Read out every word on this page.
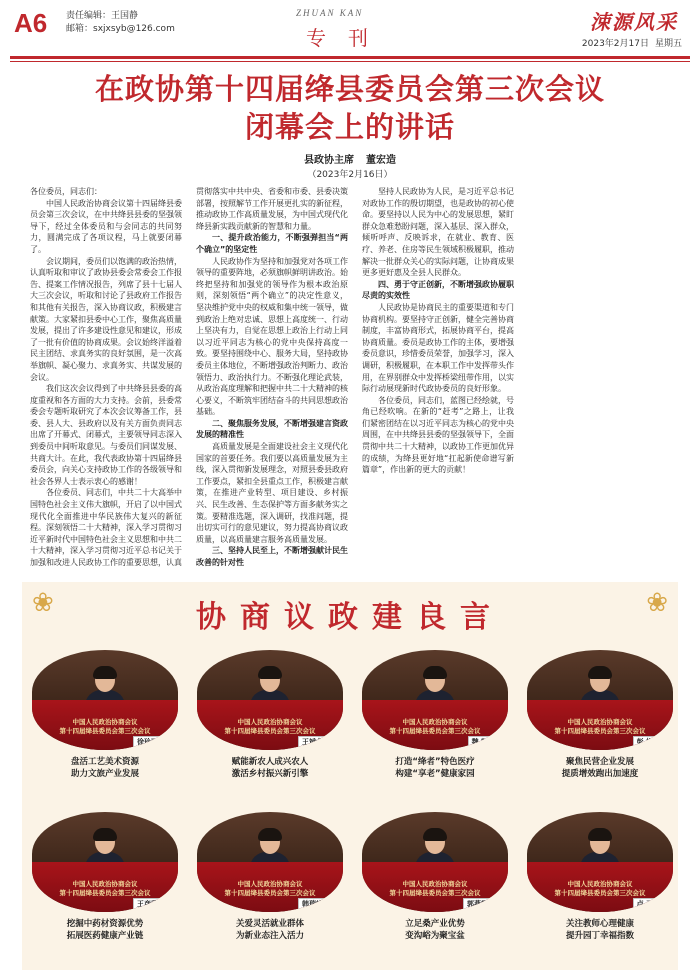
A6 责任编辑：王国静
邮箱：sxjxsyb@126.com
ZHUAN KAN
专刊
涑源风采
2023年2月17日 星期五
在政协第十四届绛县委员会第三次会议
闭幕会上的讲话
县政协主席 董宏造
（2023年2月16日）

各位委员，同志们：

中国人民政治协商会议第十四届绛县委员会第三次会议，在中共绛县县委的坚强领导下，经过全体委员和与会同志的共同努力，圆满完成了各项议程，马上就要闭幕了。

会议期间，委员们以饱满的政治热情，认真听取和审议了政协县委会常委会工作报告、提案工作情况报告，列席了县十七届人大三次会议，听取和讨论了县政府工作报告和其他有关报告，深入协商议政，积极建言献策。大家紧扣县委中心工作，聚焦高质量发展，提出了许多建设性意见和建议，形成了一批有价值的协商成果。会议始终洋溢着民主团结、求真务实的良好氛围，是一次高举旗帜、凝心聚力、求真务实、共谋发展的会议。

我们这次会议得到了中共绛县县委的高度重视和各方面的大力支持。会前，县委常委会专题听取研究了本次会议筹备工作，县委、县人大、县政府以及有关方面负责同志出席了开幕式、闭幕式，主要领导同志深入到委员中间听取意见。与委员们同谋发展、共商大计。在此，我代表政协第十四届绛县委员会，向关心支持政协工作的各级领导和社会各界人士表示衷心的感谢！

各位委员、同志们，中共二十大高举中国特色社会主义伟大旗帜，开启了以中国式现代化全面推进中华民族伟大复兴的新征程。深刻领悟二十大精神，深入学习贯彻习近平新时代中国特色社会主义思想和中共二十大精神，深入学习贯彻习近平总书记关于加强和改进人民政协工作的重要思想，认真贯彻落实中共中央、省委和市委、县委决策部署，按照解节工作开展更扎实的新征程，推动政协工作高质量发展，为中国式现代化绛县新实践贡献新的智慧和力量。

一、提升政治能力，不断强弹担当“两个确立”的坚定性

人民政协作为坚持和加强党对各项工作领导的重要阵地，必须旗帜鲜明讲政治。始终把坚持和加强党的领导作为根本政治原则，深刻领悟“两个确立”的决定性意义，坚决维护党中央的权威和集中统一领导，做到政治上绝对忠诚、思想上高度统一、行动上坚决有力，自觉在思想上政治上行动上同以习近平同志为核心的党中央保持高度一致。要坚持围绕中心、服务大局，坚持政协委员主体地位，不断增强政治判断力、政治领悟力、政治执行力。不断强化理论武装，从政治高度理解和把握中共二十大精神的核心要义，不断筑牢团结奋斗的共同思想政治基础。

二、聚焦服务发展，不断增强建言资政发展的精准性

高质量发展是全面建设社会主义现代化国家的首要任务。我们要以高质量发展为主线，深入贯彻新发展理念，对照县委县政府工作要点，紧扣全县重点工作，积极建言献策，在推进产业转型、项目建设、乡村振兴、民生改善、生态保护等方面多献务实之策。要精准选题，深入调研，找准问题，提出切实可行的意见建议，努力提高协商议政质量，以高质量建言服务高质量发展。

三、坚持人民至上，不断增强献计民生改善的针对性

坚持人民政协为人民，是习近平总书记对政协工作的殷切期望，也是政协的初心使命。要坚持以人民为中心的发展思想，紧盯群众急难愁盼问题，深入基层、深入群众，倾听呼声、反映诉求，在就业、教育、医疗、养老、住房等民生领域积极履职，推动解决一批群众关心的实际问题，让协商成果更多更好惠及全县人民群众。

四、勇于守正创新，不断增强政协履职尽责的实效性

人民政协是协商民主的重要渠道和专门协商机构。要坚持守正创新，健全完善协商制度，丰富协商形式，拓展协商平台，提高协商质量。委员是政协工作的主体，要增强委员意识，珍惜委员荣誉，加强学习，深入调研，积极履职，在本职工作中发挥带头作用，在界别群众中发挥桥梁纽带作用，以实际行动展现新时代政协委员的良好形象。

各位委员，同志们，蓝图已经绘就，号角已经吹响。在新的“赶考”之路上，让我们紧密团结在以习近平同志为核心的党中央周围，在中共绛县县委的坚强领导下，全面贯彻中共二十大精神，以政协工作更加优异的成绩，为绛县更好地“扛起新使命谱写新篇章”，作出新的更大的贡献！

❀	❀
协商议政建良言
中国人民政治协商会议
第十四届绛县委员会第三次会议
徐玲丽
盘活工艺美术资源
助力文旅产业发展
中国人民政治协商会议
第十四届绛县委员会第三次会议
王斌龙
赋能新农人成兴农人
激活乡村振兴新引擎
中国人民政治协商会议
第十四届绛县委员会第三次会议
魏 魁
打造“绛者”特色医疗
构建“享老”健康家园
中国人民政治协商会议
第十四届绛县委员会第三次会议
彭 根
聚焦民营企业发展
提质增效跑出加速度
中国人民政治协商会议
第十四届绛县委员会第三次会议
王彦欣
挖掘中药材资源优势
拓展医药健康产业链
中国人民政治协商会议
第十四届绛县委员会第三次会议
韩瑞峰
关爱灵活就业群体
为新业态注入活力
中国人民政治协商会议
第十四届绛县委员会第三次会议
郭燕霞
立足桑产业优势
变沟峪为聚宝盆
中国人民政治协商会议
第十四届绛县委员会第三次会议
卢 玉
关注教师心理健康
提升园丁幸福指数
